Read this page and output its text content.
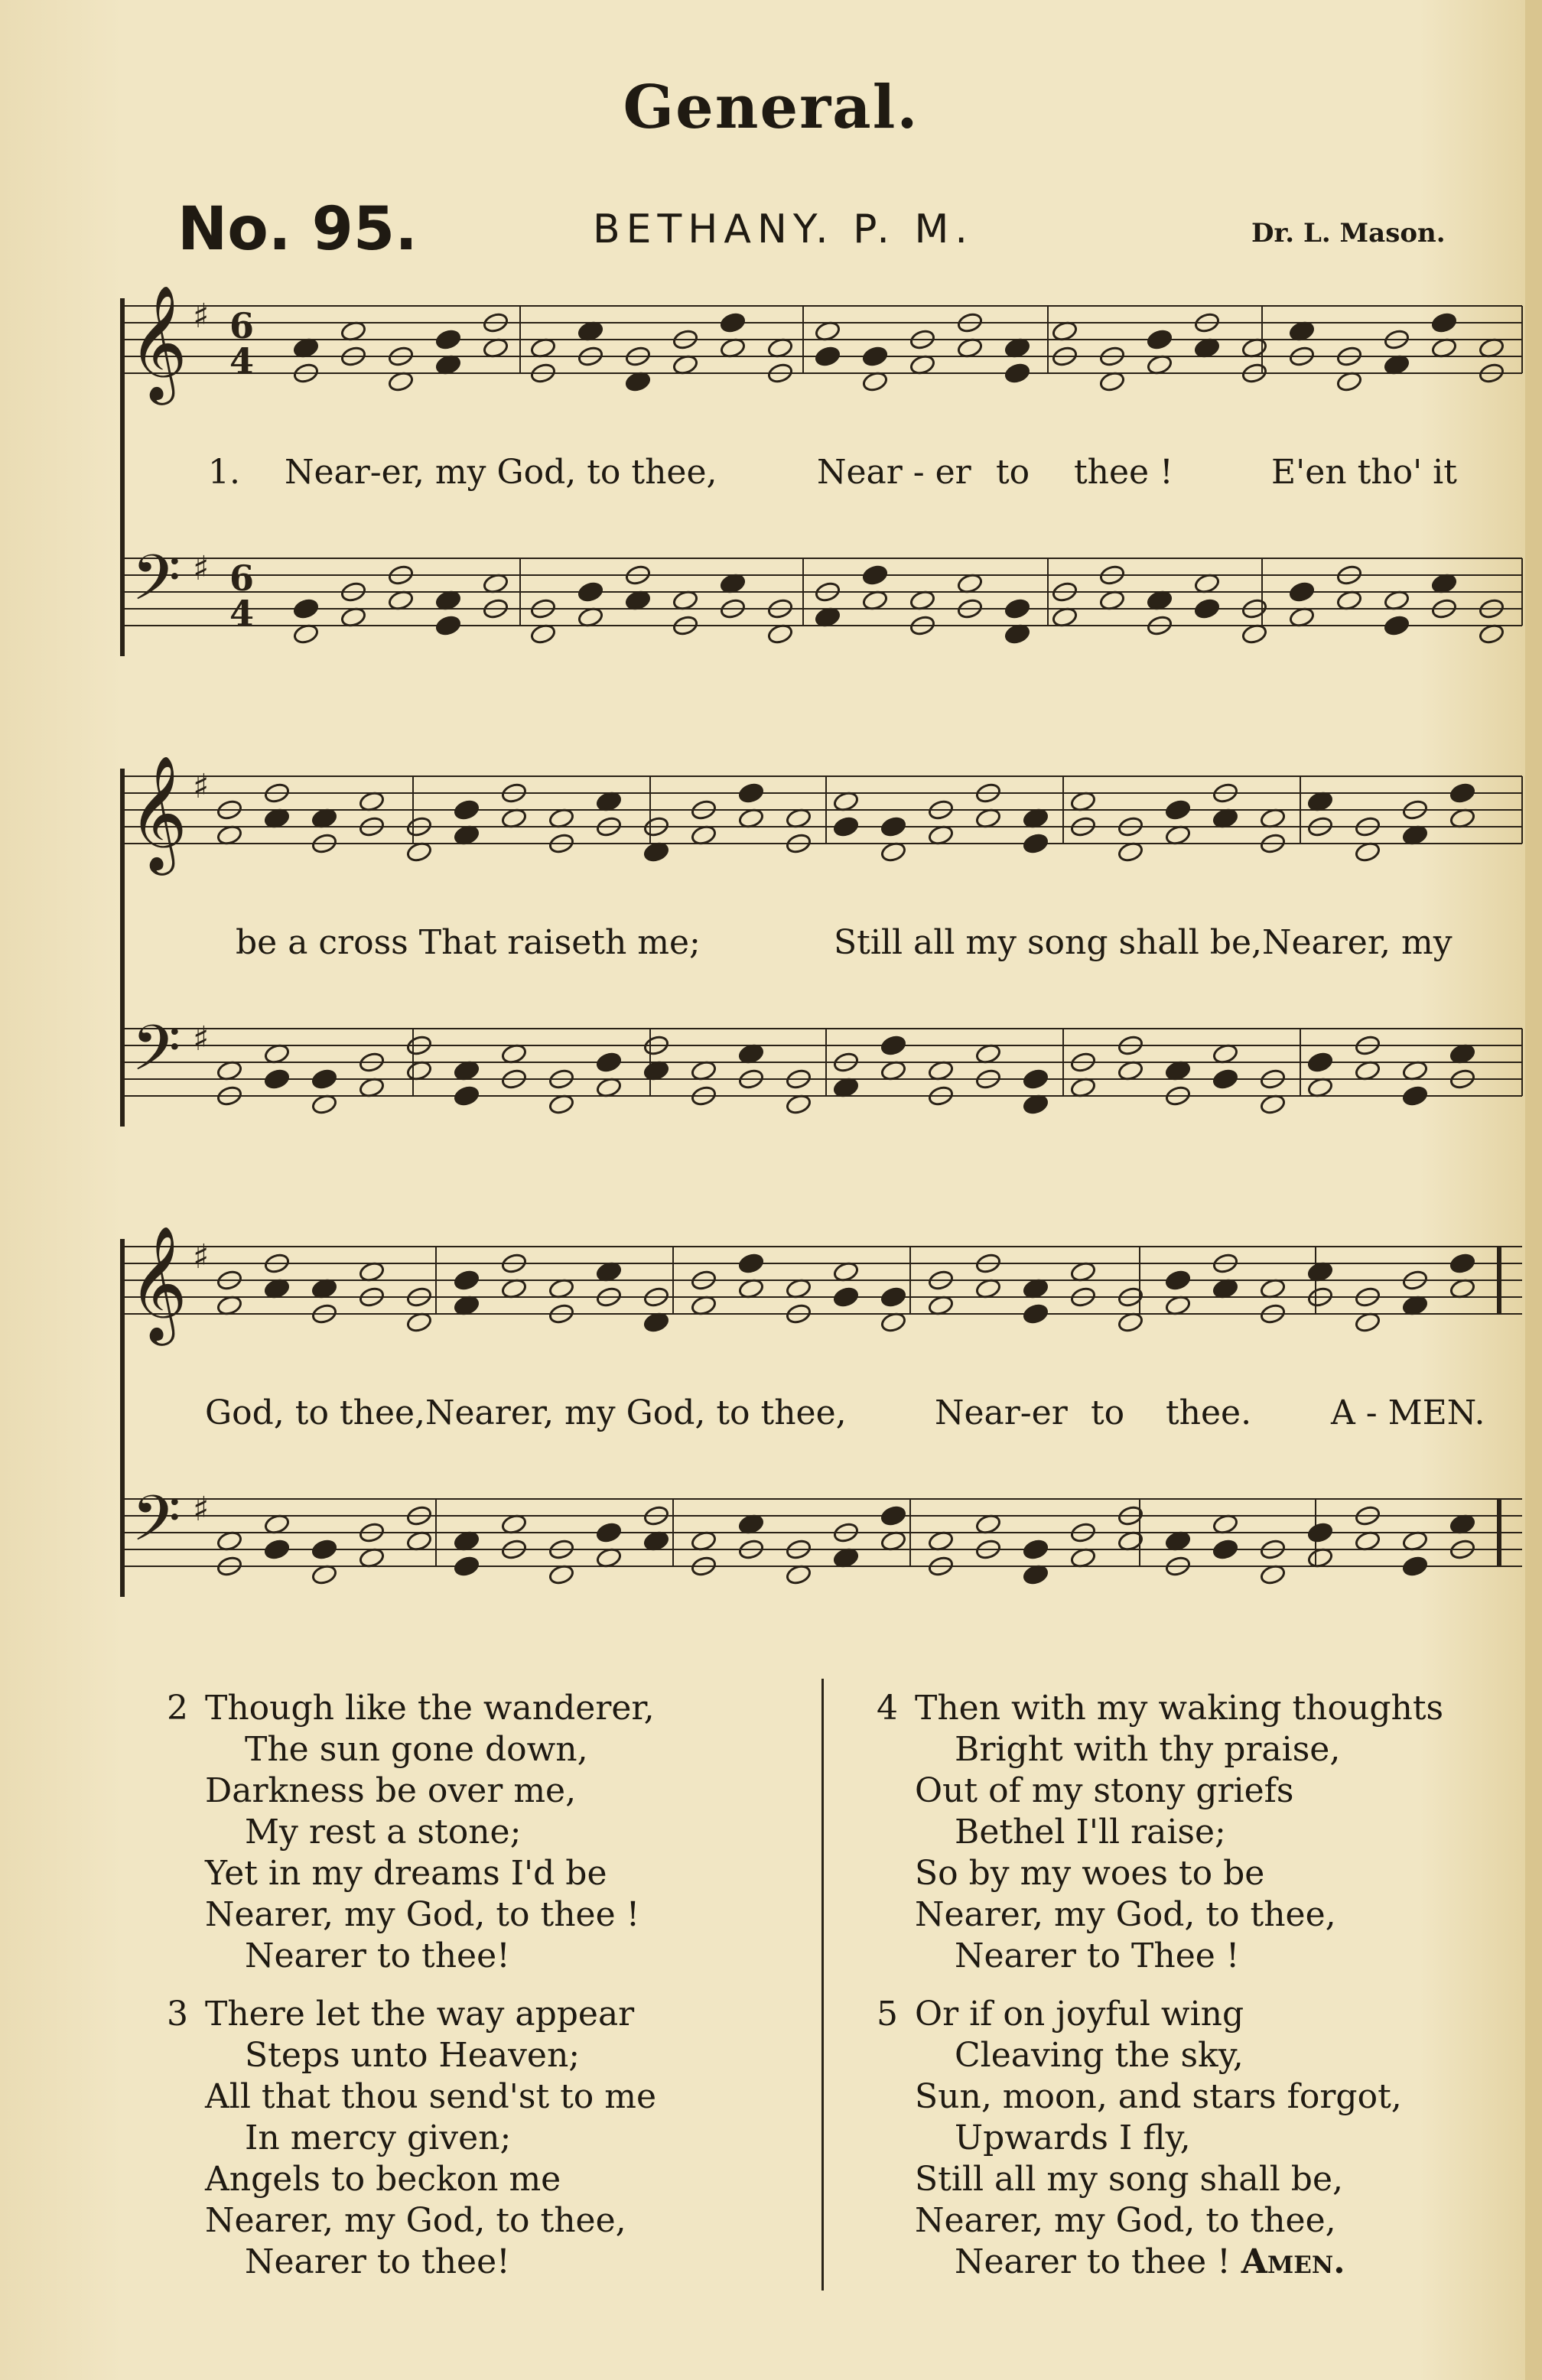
General.
No. 95.	BETHANY. P. M.	Dr. L. Mason.
𝄞
𝄢
♯
♯
6
4
6
4
1. Near-er, my God, to thee,	Near - er to thee !	E'en tho' it
𝄞
𝄢
♯
♯
be a cross That raiseth me;	Still all my song shall be,Nearer, my
𝄞
𝄢
♯
♯
God, to thee,Nearer, my God, to thee,	Near-er to thee. A - MEN.
2 Though like the wanderer,
The sun gone down,
Darkness be over me,
My rest a stone;
Yet in my dreams I'd be
Nearer, my God, to thee !
Nearer to thee!
3 There let the way appear
Steps unto Heaven;
All that thou send'st to me
In mercy given;
Angels to beckon me
Nearer, my God, to thee,
Nearer to thee!
4 Then with my waking thoughts
Bright with thy praise,
Out of my stony griefs
Bethel I'll raise;
So by my woes to be
Nearer, my God, to thee,
Nearer to Thee !
5 Or if on joyful wing
Cleaving the sky,
Sun, moon, and stars forgot,
Upwards I fly,
Still all my song shall be,
Nearer, my God, to thee,
Nearer to thee ! Amen.
